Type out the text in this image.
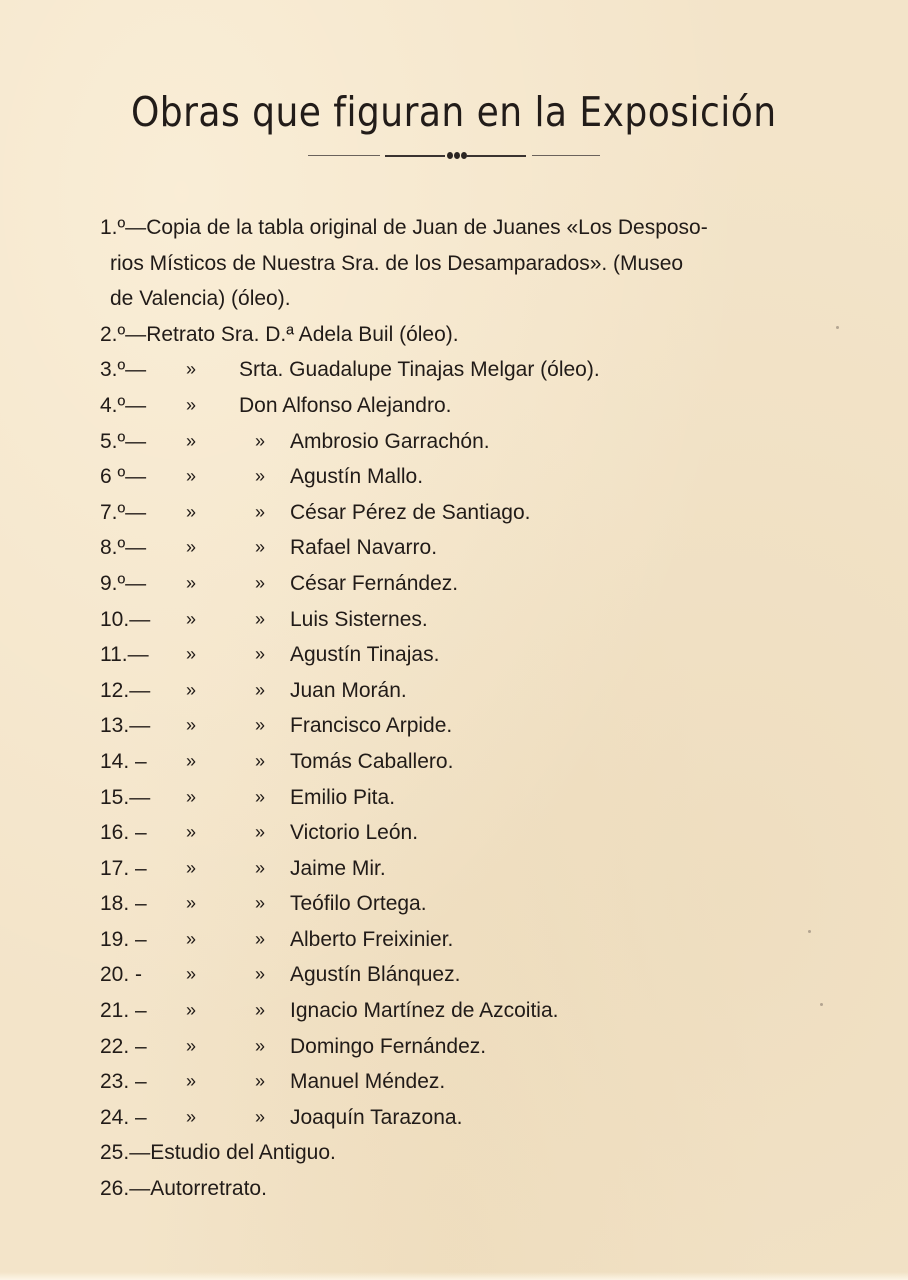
Obras que figuran en la Exposición
1.º—Copia de la tabla original de Juan de Juanes «Los Desposo-
rios Místicos de Nuestra Sra. de los Desamparados». (Museo
de Valencia) (óleo).
2.º—Retrato Sra. D.ª Adela Buil (óleo).
3.º— » Srta. Guadalupe Tinajas Melgar (óleo).
4.º— » Don Alfonso Alejandro.
5.º— »	» Ambrosio Garrachón.
6 º— »	» Agustín Mallo.
7.º— »	» César Pérez de Santiago.
8.º— »	» Rafael Navarro.
9.º— »	» César Fernández.
10.— »	» Luis Sisternes.
11.— »	» Agustín Tinajas.
12.— »	» Juan Morán.
13.— »	» Francisco Arpide.
14. – »	» Tomás Caballero.
15.— »	» Emilio Pita.
16. – »	» Victorio León.
17. – »	» Jaime Mir.
18. – »	» Teófilo Ortega.
19. – »	» Alberto Freixinier.
20. - »	» Agustín Blánquez.
21. – »	» Ignacio Martínez de Azcoitia.
22. – »	» Domingo Fernández.
23. – »	» Manuel Méndez.
24. – »	» Joaquín Tarazona.
25.—Estudio del Antiguo.
26.—Autorretrato.
